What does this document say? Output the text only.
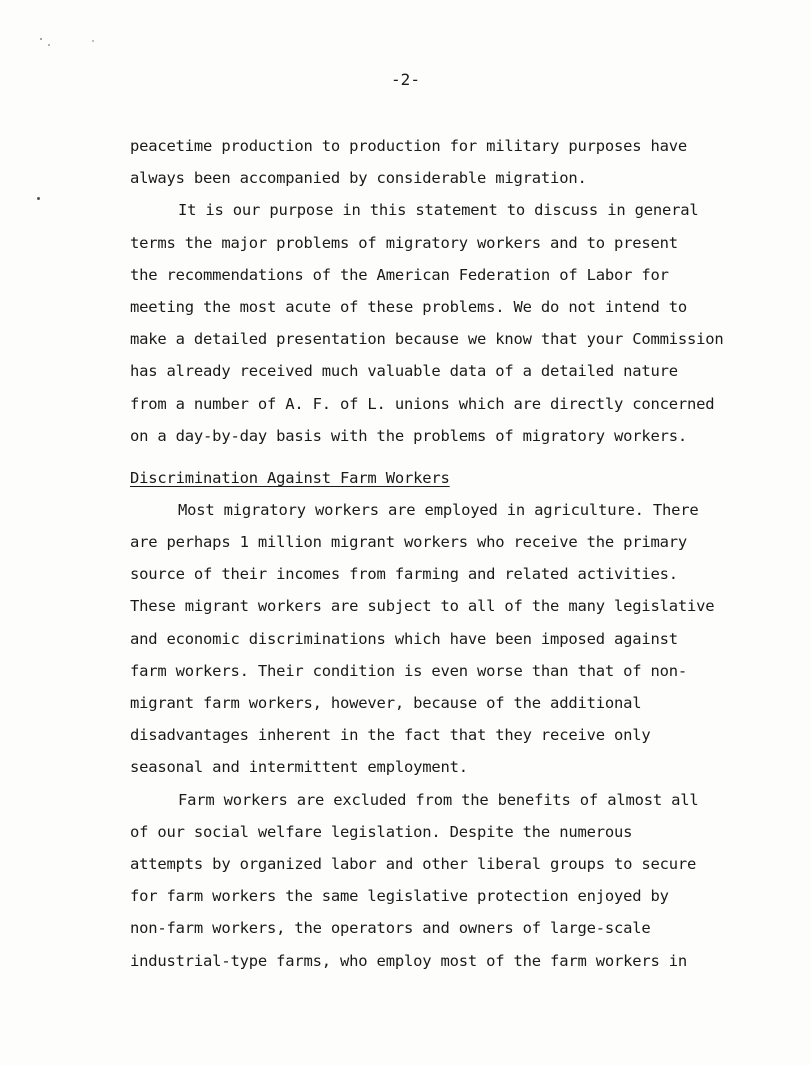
-2-
peacetime production to production for military purposes have
always been accompanied by considerable migration.
It is our purpose in this statement to discuss in general
terms the major problems of migratory workers and to present
the recommendations of the American Federation of Labor for
meeting the most acute of these problems. We do not intend to
make a detailed presentation because we know that your Commission
has already received much valuable data of a detailed nature
from a number of A. F. of L. unions which are directly concerned
on a day-by-day basis with the problems of migratory workers.
Discrimination Against Farm Workers
Most migratory workers are employed in agriculture. There
are perhaps 1 million migrant workers who receive the primary
source of their incomes from farming and related activities.
These migrant workers are subject to all of the many legislative
and economic discriminations which have been imposed against
farm workers. Their condition is even worse than that of non-
migrant farm workers, however, because of the additional
disadvantages inherent in the fact that they receive only
seasonal and intermittent employment.
Farm workers are excluded from the benefits of almost all
of our social welfare legislation. Despite the numerous
attempts by organized labor and other liberal groups to secure
for farm workers the same legislative protection enjoyed by
non-farm workers, the operators and owners of large-scale
industrial-type farms, who employ most of the farm workers in
